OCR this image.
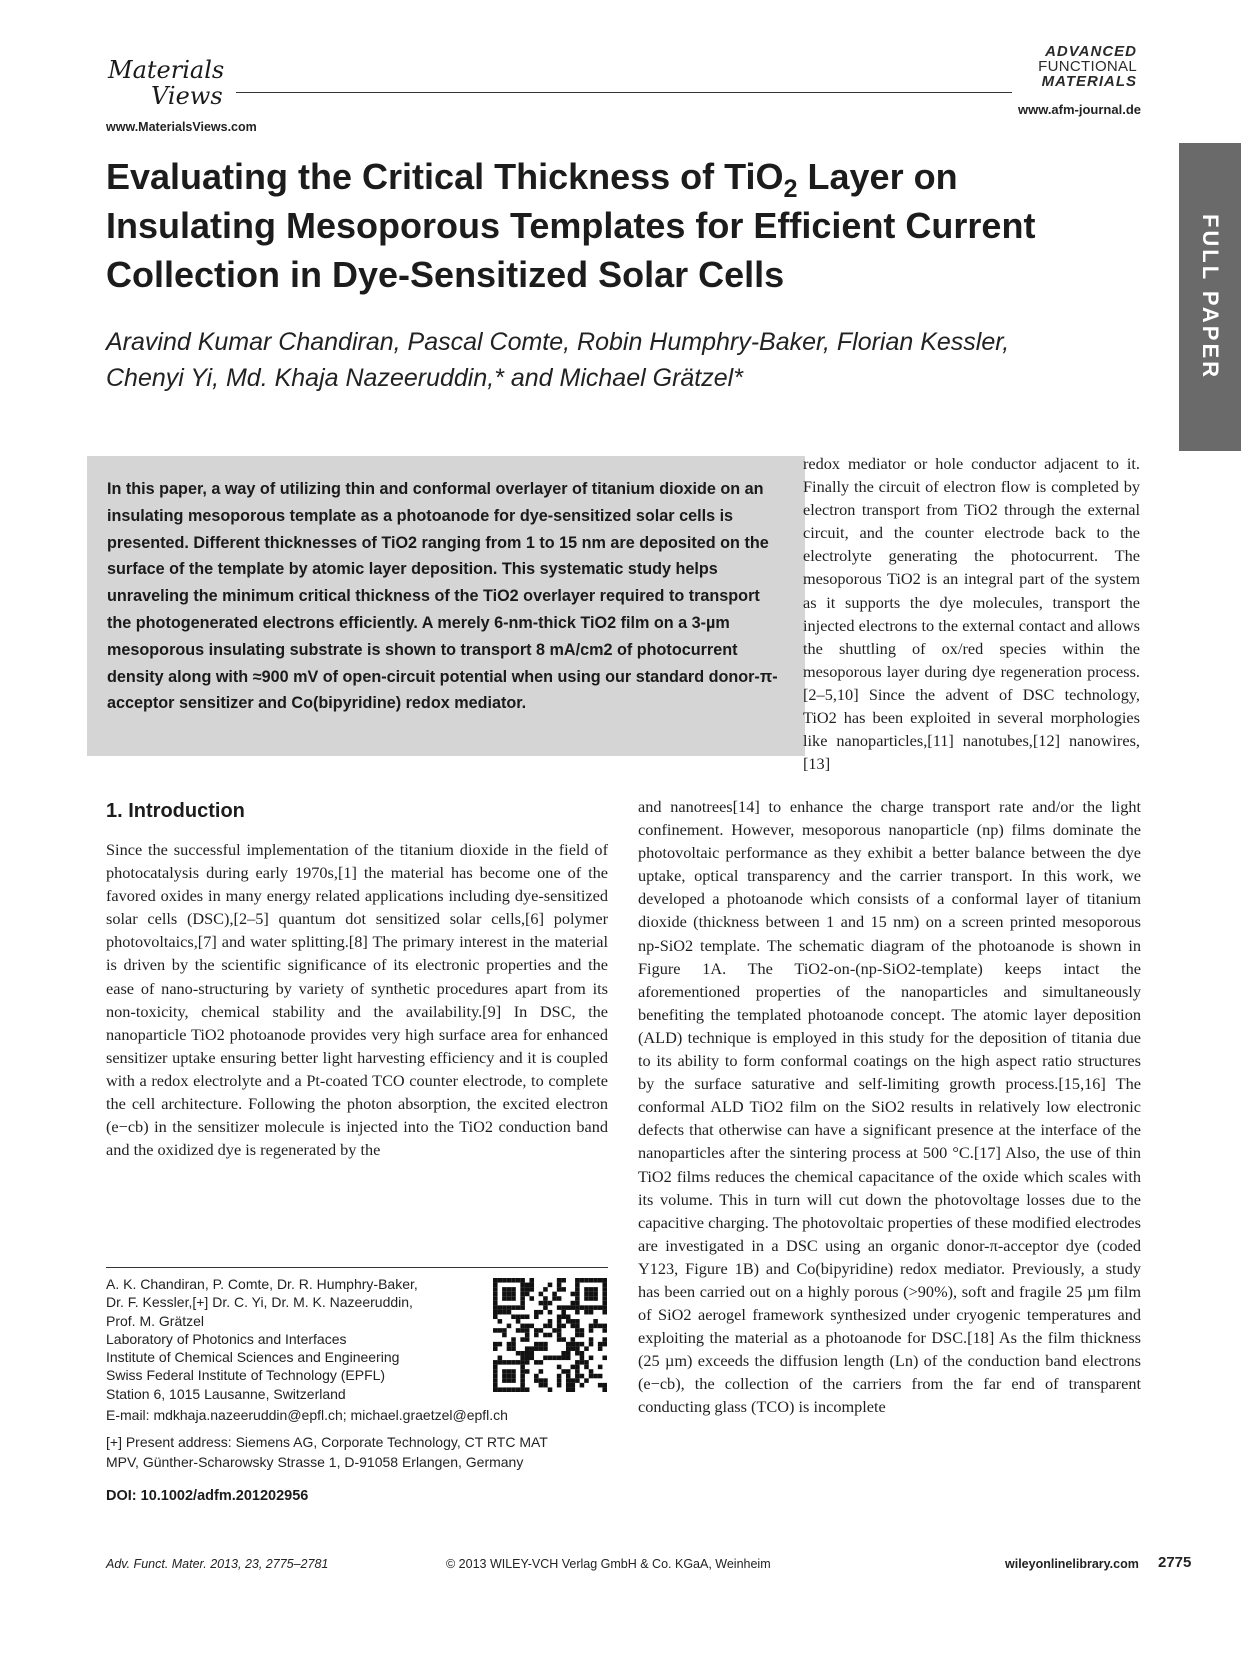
Materials
Views
www.MaterialsViews.com
ADVANCED
FUNCTIONAL
MATERIALS
www.afm-journal.de
FULL PAPER
Evaluating the Critical Thickness of TiO$_2$ Layer on Insulating Mesoporous Templates for Efficient Current Collection in Dye-Sensitized Solar Cells
Aravind Kumar Chandiran, Pascal Comte, Robin Humphry-Baker, Florian Kessler,
Chenyi Yi, Md. Khaja Nazeeruddin,* and Michael Grätzel*
In this paper, a way of utilizing thin and conformal overlayer of titanium dioxide on an insulating mesoporous template as a photoanode for dye-sensitized solar cells is presented. Different thicknesses of TiO2 ranging from 1 to 15 nm are deposited on the surface of the template by atomic layer deposition. This systematic study helps unraveling the minimum critical thickness of the TiO2 overlayer required to transport the photogenerated electrons efficiently. A merely 6-nm-thick TiO2 film on a 3-µm mesoporous insulating substrate is shown to transport 8 mA/cm2 of photocurrent density along with ≈900 mV of open-circuit potential when using our standard donor-π-acceptor sensitizer and Co(bipyridine) redox mediator.

redox mediator or hole conductor adjacent to it. Finally the circuit of electron flow is completed by electron transport from TiO2 through the external circuit, and the counter electrode back to the electrolyte generating the photocurrent. The mesoporous TiO2 is an integral part of the system as it supports the dye molecules, transport the injected electrons to the external contact and allows the shuttling of ox/red species within the mesoporous layer during dye regeneration process.[2–5,10] Since the advent of DSC technology, TiO2 has been exploited in several morphologies like nanoparticles,[11] nanotubes,[12] nanowires,[13]

1. Introduction

Since the successful implementation of the titanium dioxide in the field of photocatalysis during early 1970s,[1] the material has become one of the favored oxides in many energy related applications including dye-sensitized solar cells (DSC),[2–5] quantum dot sensitized solar cells,[6] polymer photovoltaics,[7] and water splitting.[8] The primary interest in the material is driven by the scientific significance of its electronic properties and the ease of nano-structuring by variety of synthetic procedures apart from its non-toxicity, chemical stability and the availability.[9] In DSC, the nanoparticle TiO2 photoanode provides very high surface area for enhanced sensitizer uptake ensuring better light harvesting efficiency and it is coupled with a redox electrolyte and a Pt-coated TCO counter electrode, to complete the cell architecture. Following the photon absorption, the excited electron (e−cb) in the sensitizer molecule is injected into the TiO2 conduction band and the oxidized dye is regenerated by the

and nanotrees[14] to enhance the charge transport rate and/or the light confinement. However, mesoporous nanoparticle (np) films dominate the photovoltaic performance as they exhibit a better balance between the dye uptake, optical transparency and the carrier transport. In this work, we developed a photoanode which consists of a conformal layer of titanium dioxide (thickness between 1 and 15 nm) on a screen printed mesoporous np-SiO2 template. The schematic diagram of the photoanode is shown in Figure 1A. The TiO2-on-(np-SiO2-template) keeps intact the aforementioned properties of the nanoparticles and simultaneously benefiting the templated photoanode concept. The atomic layer deposition (ALD) technique is employed in this study for the deposition of titania due to its ability to form conformal coatings on the high aspect ratio structures by the surface saturative and self-limiting growth process.[15,16] The conformal ALD TiO2 film on the SiO2 results in relatively low electronic defects that otherwise can have a significant presence at the interface of the nanoparticles after the sintering process at 500 °C.[17] Also, the use of thin TiO2 films reduces the chemical capacitance of the oxide which scales with its volume. This in turn will cut down the photovoltage losses due to the capacitive charging. The photovoltaic properties of these modified electrodes are investigated in a DSC using an organic donor-π-acceptor dye (coded Y123, Figure 1B) and Co(bipyridine) redox mediator. Previously, a study has been carried out on a highly porous (>90%), soft and fragile 25 µm film of SiO2 aerogel framework synthesized under cryogenic temperatures and exploiting the material as a photoanode for DSC.[18] As the film thickness (25 µm) exceeds the diffusion length (Ln) of the conduction band electrons (e−cb), the collection of the carriers from the far end of transparent conducting glass (TCO) is incomplete

A. K. Chandiran, P. Comte, Dr. R. Humphry-Baker,
Dr. F. Kessler,[+] Dr. C. Yi, Dr. M. K. Nazeeruddin,
Prof. M. Grätzel
Laboratory of Photonics and Interfaces
Institute of Chemical Sciences and Engineering
Swiss Federal Institute of Technology (EPFL)
Station 6, 1015 Lausanne, Switzerland
E-mail: mdkhaja.nazeeruddin@epfl.ch; michael.graetzel@epfl.ch
[+] Present address: Siemens AG, Corporate Technology, CT RTC MAT
MPV, Günther-Scharowsky Strasse 1, D-91058 Erlangen, Germany
DOI: 10.1002/adfm.201202956
Adv. Funct. Mater. 2013, 23, 2775–2781	© 2013 WILEY-VCH Verlag GmbH & Co. KGaA, Weinheim	wileyonlinelibrary.com 2775
